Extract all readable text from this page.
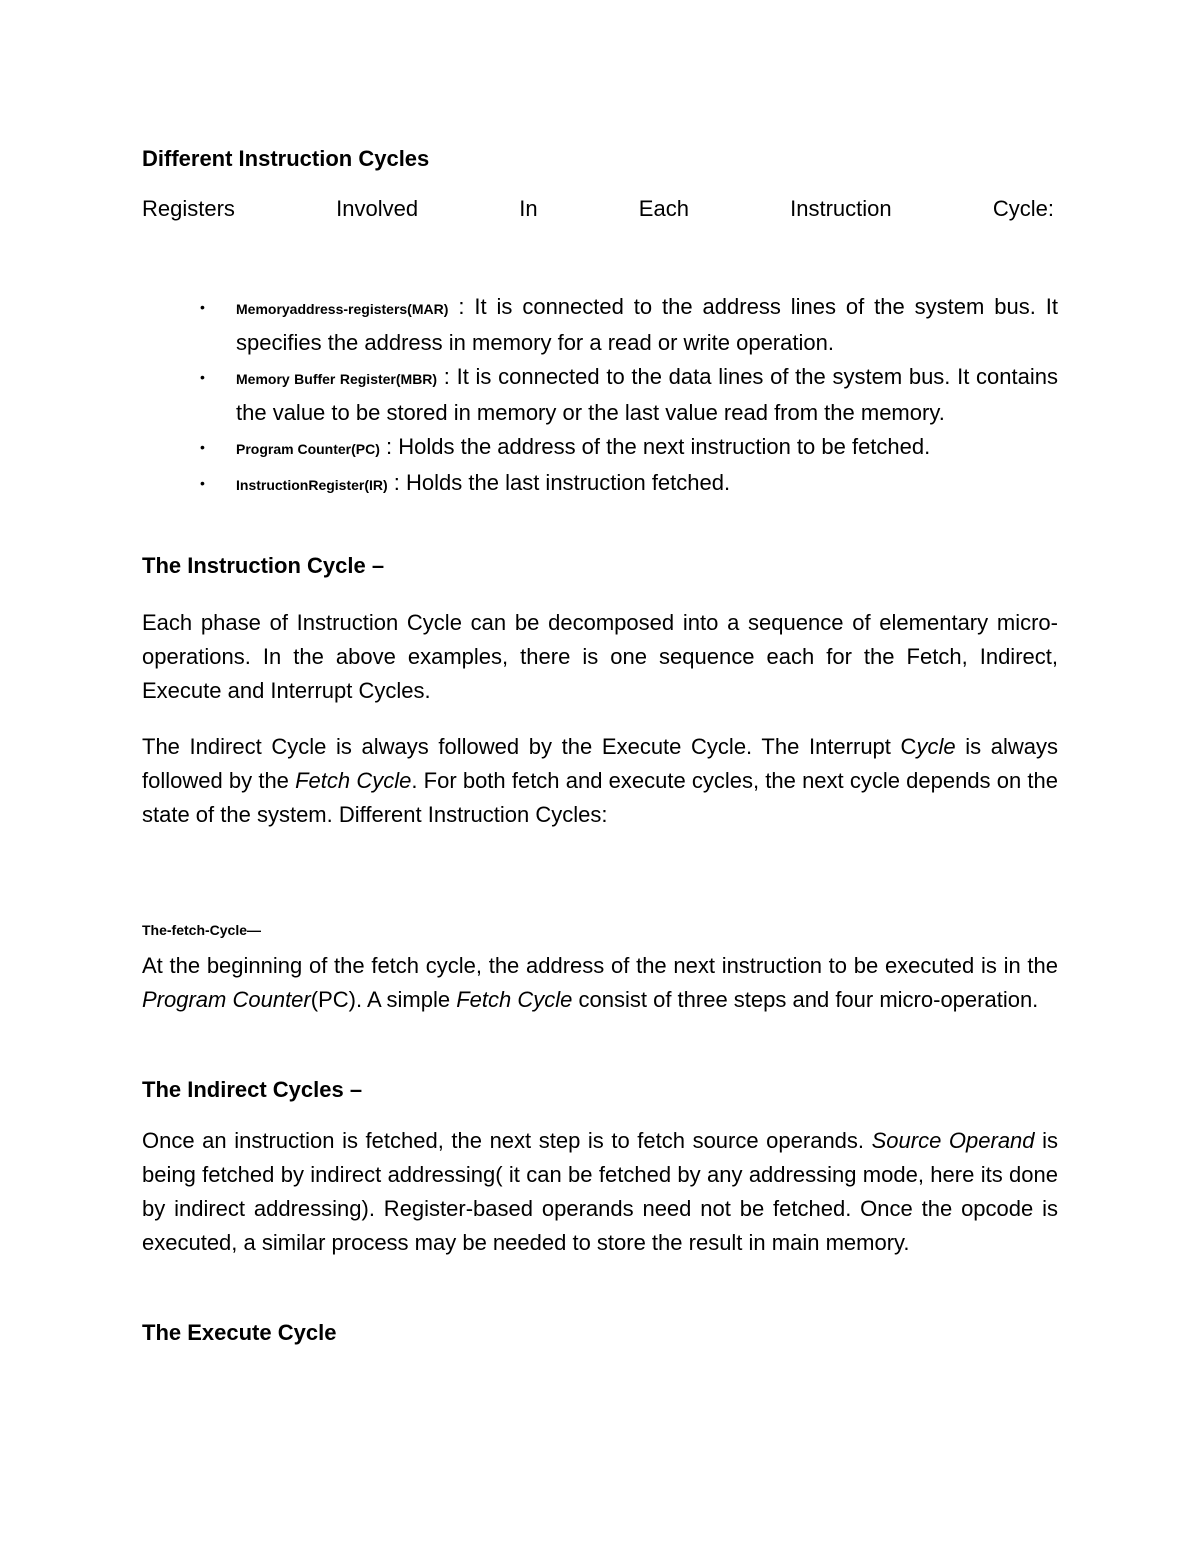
Different Instruction Cycles
Registers	Involved	In	Each	Instruction	Cycle:
• Memoryaddress-registers(MAR) : It is connected to the address lines of the system bus. It specifies the address in memory for a read or write operation.
• Memory Buffer Register(MBR) : It is connected to the data lines of the system bus. It contains the value to be stored in memory or the last value read from the memory.
• Program Counter(PC) : Holds the address of the next instruction to be fetched.
• InstructionRegister(IR) : Holds the last instruction fetched.
The Instruction Cycle –
Each phase of Instruction Cycle can be decomposed into a sequence of elementary micro-operations. In the above examples, there is one sequence each for the Fetch, Indirect, Execute and Interrupt Cycles.
The Indirect Cycle is always followed by the Execute Cycle. The Interrupt Cycle is always followed by the Fetch Cycle. For both fetch and execute cycles, the next cycle depends on the state of the system. Different Instruction Cycles:
The-fetch-Cycle—
At the beginning of the fetch cycle, the address of the next instruction to be executed is in the Program Counter(PC). A simple Fetch Cycle consist of three steps and four micro-operation.
The Indirect Cycles –
Once an instruction is fetched, the next step is to fetch source operands. Source Operand is being fetched by indirect addressing( it can be fetched by any addressing mode, here its done by indirect addressing). Register-based operands need not be fetched. Once the opcode is executed, a similar process may be needed to store the result in main memory.
The Execute Cycle
